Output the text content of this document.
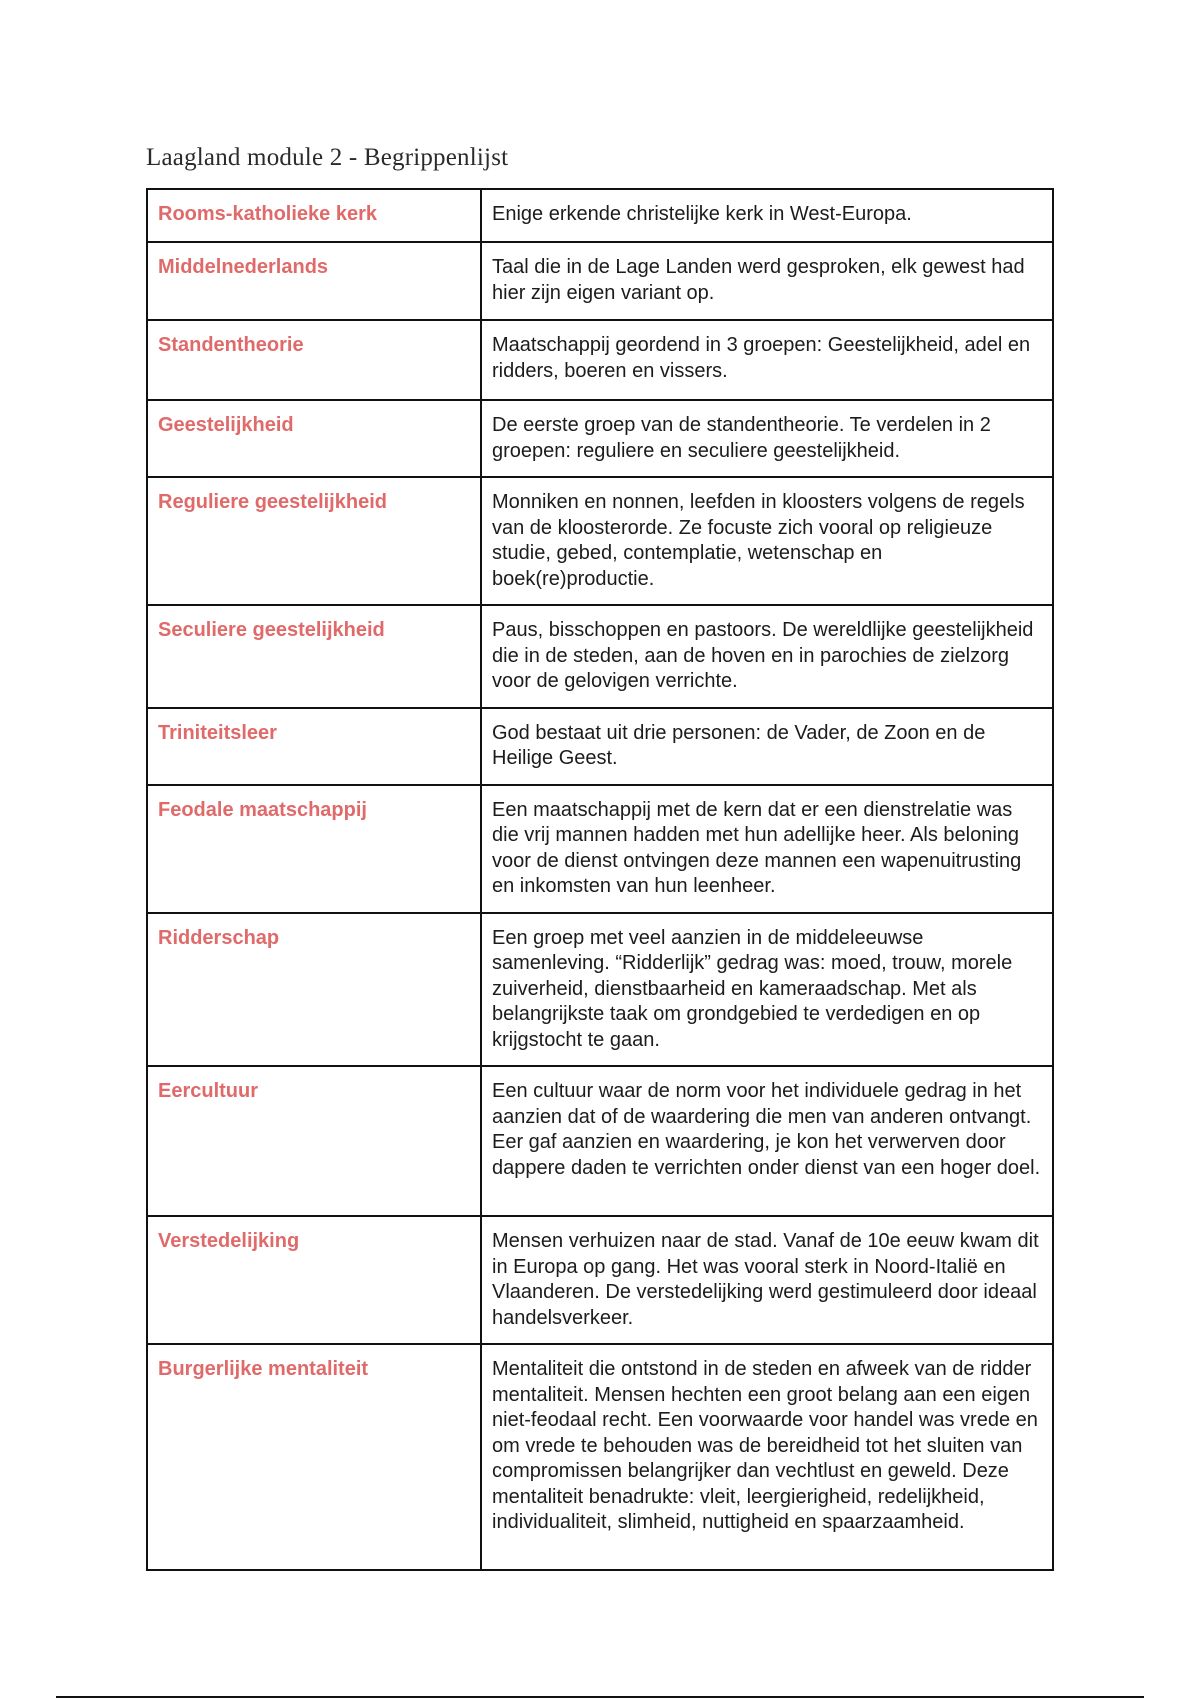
Laagland module 2 - Begrippenlijst
Rooms-katholieke kerk	Enige erkende christelijke kerk in West-Europa.
Middelnederlands	Taal die in de Lage Landen werd gesproken, elk gewest had hier zijn eigen variant op.
Standentheorie	Maatschappij geordend in 3 groepen: Geestelijkheid, adel en ridders, boeren en vissers.
Geestelijkheid	De eerste groep van de standentheorie. Te verdelen in 2 groepen: reguliere en seculiere geestelijkheid.
Reguliere geestelijkheid	Monniken en nonnen, leefden in kloosters volgens de regels van de kloosterorde. Ze focuste zich vooral op religieuze studie, gebed, contemplatie, wetenschap en boek(re)productie.
Seculiere geestelijkheid	Paus, bisschoppen en pastoors. De wereldlijke geestelijkheid die in de steden, aan de hoven en in parochies de zielzorg voor de gelovigen verrichte.
Triniteitsleer	God bestaat uit drie personen: de Vader, de Zoon en de Heilige Geest.
Feodale maatschappij	Een maatschappij met de kern dat er een dienstrelatie was die vrij mannen hadden met hun adellijke heer. Als beloning voor de dienst ontvingen deze mannen een wapenuitrusting en inkomsten van hun leenheer.
Ridderschap	Een groep met veel aanzien in de middeleeuwse samenleving. “Ridderlijk” gedrag was: moed, trouw, morele zuiverheid, dienstbaarheid en kameraadschap. Met als belangrijkste taak om grondgebied te verdedigen en op krijgstocht te gaan.
Eercultuur	Een cultuur waar de norm voor het individuele gedrag in het aanzien dat of de waardering die men van anderen ontvangt. Eer gaf aanzien en waardering, je kon het verwerven door dappere daden te verrichten onder dienst van een hoger doel.
Verstedelijking	Mensen verhuizen naar de stad. Vanaf de 10e eeuw kwam dit in Europa op gang. Het was vooral sterk in Noord-Italië en Vlaanderen. De verstedelijking werd gestimuleerd door ideaal handelsverkeer.
Burgerlijke mentaliteit	Mentaliteit die ontstond in de steden en afweek van de ridder mentaliteit. Mensen hechten een groot belang aan een eigen niet-feodaal recht. Een voorwaarde voor handel was vrede en om vrede te behouden was de bereidheid tot het sluiten van compromissen belangrijker dan vechtlust en geweld. Deze mentaliteit benadrukte: vleit, leergierigheid, redelijkheid, individualiteit, slimheid, nuttigheid en spaarzaamheid.
